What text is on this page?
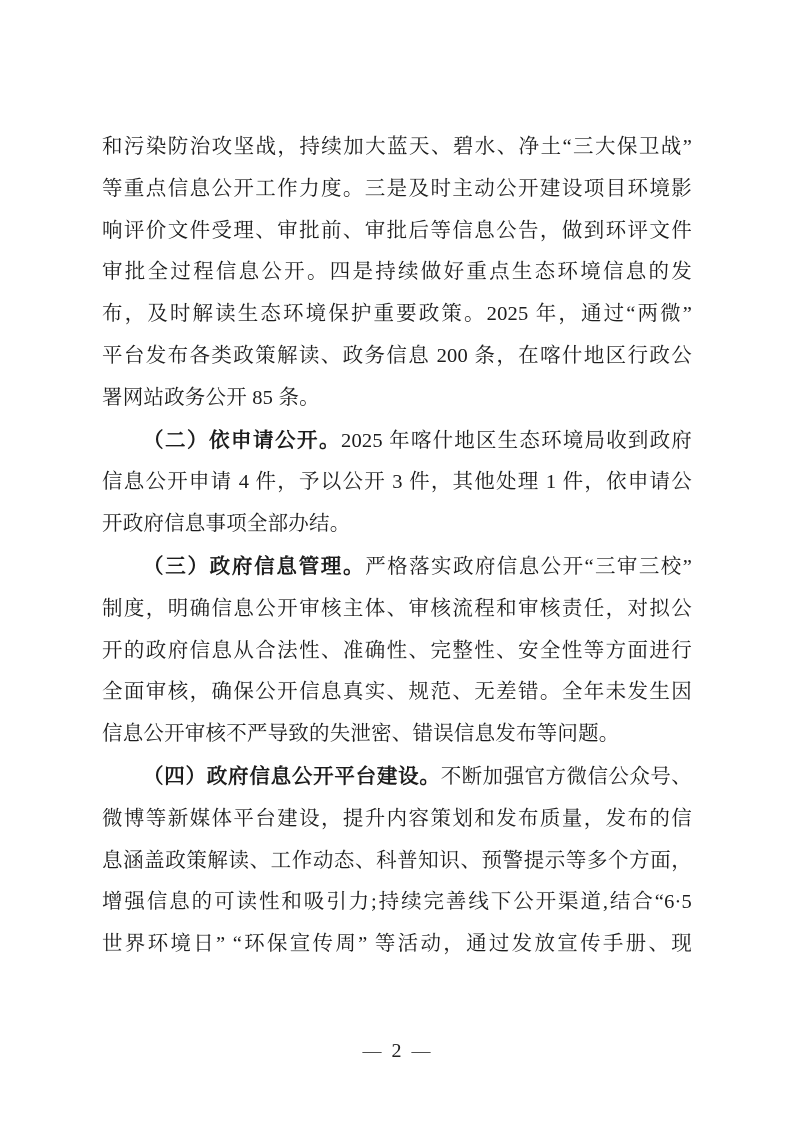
和污染防治攻坚战，持续加大蓝天、碧水、净土“三大保卫战”
等重点信息公开工作力度。三是及时主动公开建设项目环境影
响评价文件受理、审批前、审批后等信息公告，做到环评文件
审批全过程信息公开。四是持续做好重点生态环境信息的发
布，及时解读生态环境保护重要政策。2025 年，通过“两微”
平台发布各类政策解读、政务信息 200 条，在喀什地区行政公
署网站政务公开 85 条。
（二）依申请公开。2025 年喀什地区生态环境局收到政府
信息公开申请 4 件，予以公开 3 件，其他处理 1 件，依申请公
开政府信息事项全部办结。
（三）政府信息管理。严格落实政府信息公开“三审三校”
制度，明确信息公开审核主体、审核流程和审核责任，对拟公
开的政府信息从合法性、准确性、完整性、安全性等方面进行
全面审核，确保公开信息真实、规范、无差错。全年未发生因
信息公开审核不严导致的失泄密、错误信息发布等问题。
（四）政府信息公开平台建设。不断加强官方微信公众号、
微博等新媒体平台建设，提升内容策划和发布质量，发布的信
息涵盖政策解读、工作动态、科普知识、预警提示等多个方面，
增强信息的可读性和吸引力;持续完善线下公开渠道,结合“6·5
世界环境日” “环保宣传周” 等活动，通过发放宣传手册、现
— 2 —
